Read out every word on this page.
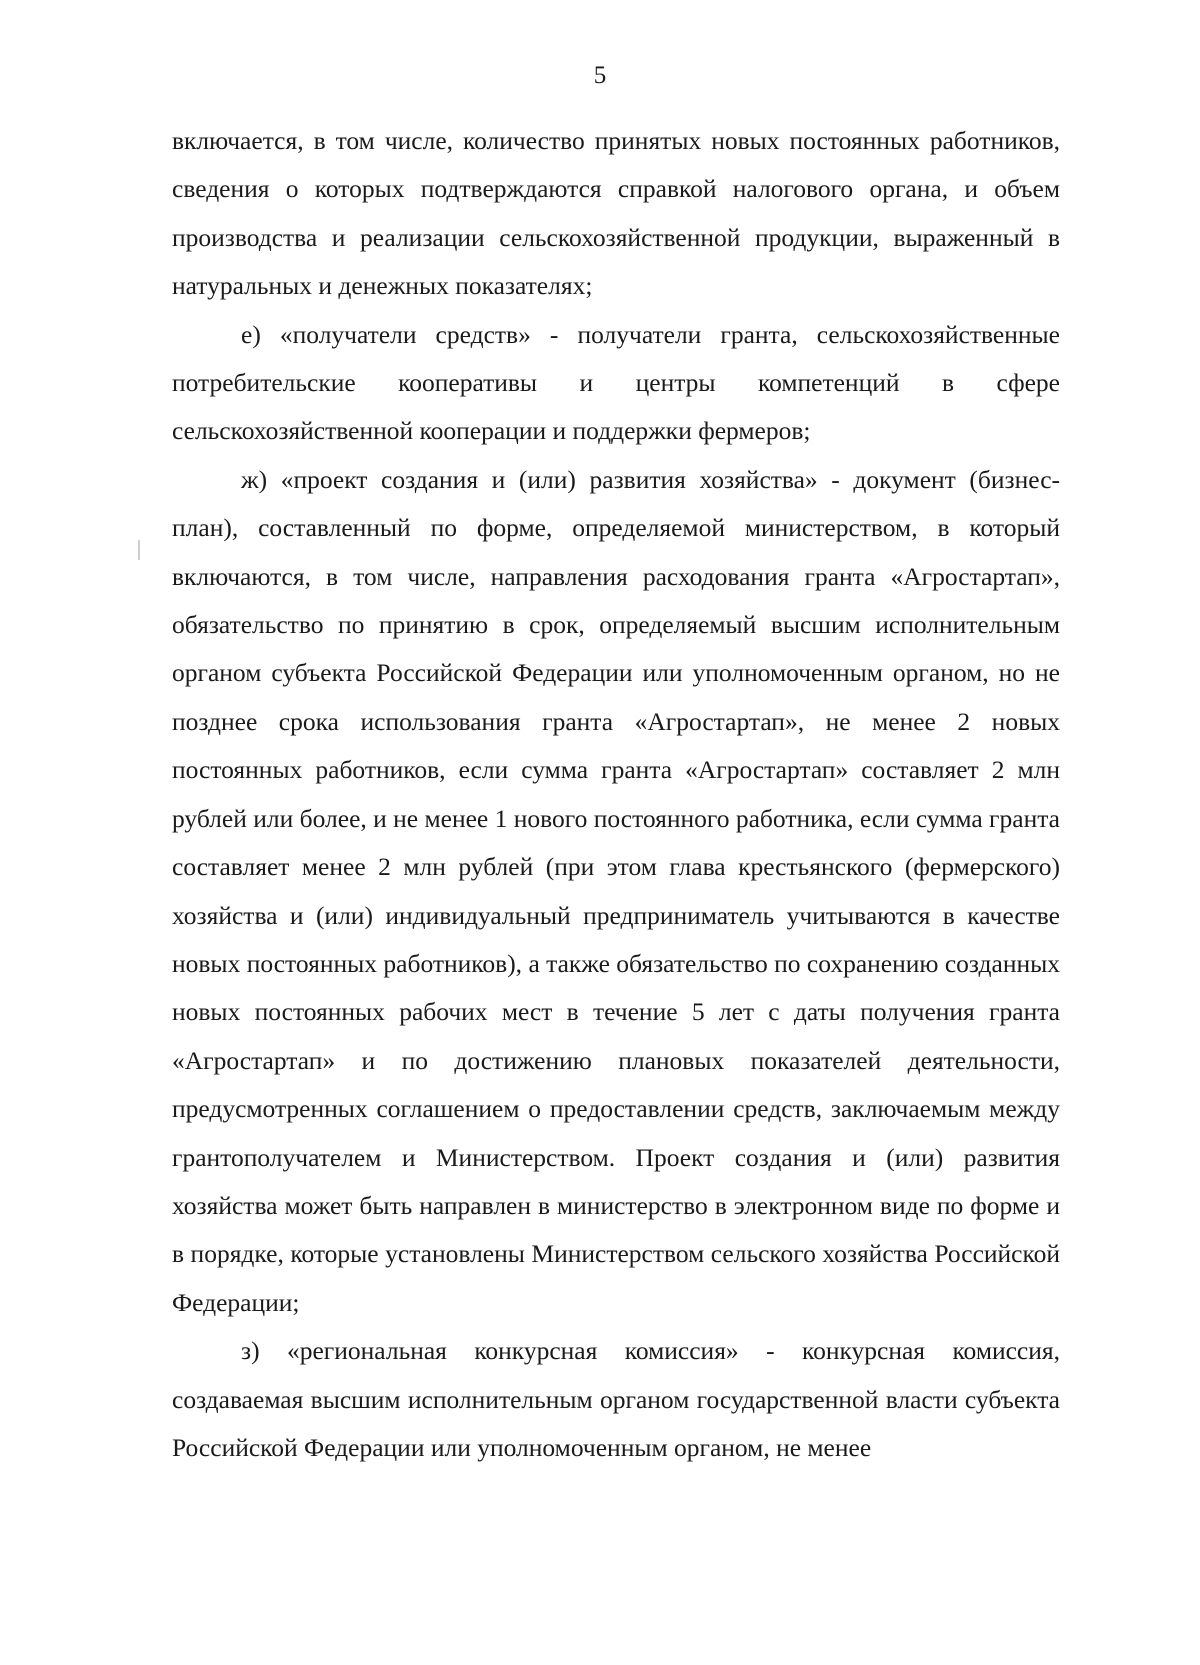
5

включается, в том числе, количество принятых новых постоянных работников, сведения о которых подтверждаются справкой налогового органа, и объем производства и реализации сельскохозяйственной продукции, выраженный в натуральных и денежных показателях;

е) «получатели средств» - получатели гранта, сельскохозяйственные потребительские кооперативы и центры компетенций в сфере сельскохозяйственной кооперации и поддержки фермеров;

ж) «проект создания и (или) развития хозяйства» - документ (бизнес-план), составленный по форме, определяемой министерством, в который включаются, в том числе, направления расходования гранта «Агростартап», обязательство по принятию в срок, определяемый высшим исполнительным органом субъекта Российской Федерации или уполномоченным органом, но не позднее срока использования гранта «Агростартап», не менее 2 новых постоянных работников, если сумма гранта «Агростартап» составляет 2 млн рублей или более, и не менее 1 нового постоянного работника, если сумма гранта составляет менее 2 млн рублей (при этом глава крестьянского (фермерского) хозяйства и (или) индивидуальный предприниматель учитываются в качестве новых постоянных работников), а также обязательство по сохранению созданных новых постоянных рабочих мест в течение 5 лет с даты получения гранта «Агростартап» и по достижению плановых показателей деятельности, предусмотренных соглашением о предоставлении средств, заключаемым между грантополучателем и Министерством. Проект создания и (или) развития хозяйства может быть направлен в министерство в электронном виде по форме и в порядке, которые установлены Министерством сельского хозяйства Российской Федерации;

з) «региональная конкурсная комиссия» - конкурсная комиссия, создаваемая высшим исполнительным органом государственной власти субъекта Российской Федерации или уполномоченным органом, не менее
